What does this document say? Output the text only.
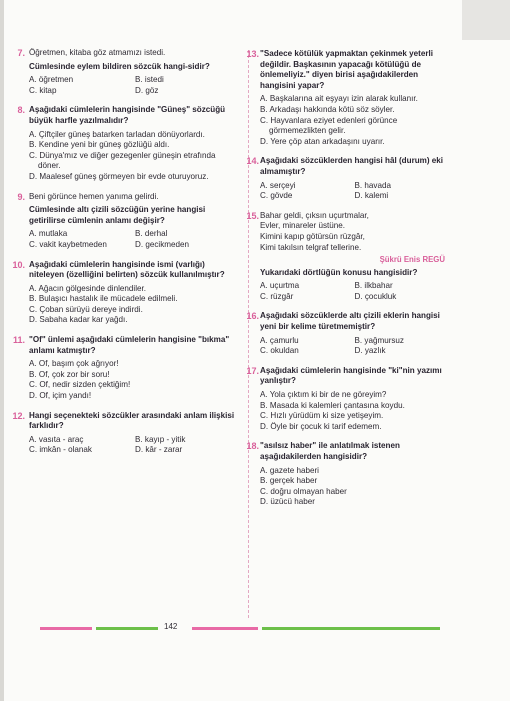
7. Öğretmen, kitaba göz atmamızı istedi.
Cümlesinde eylem bildiren sözcük hangi-sidir?
A. öğretmen	B. istedi
C. kitap	D. göz
8. Aşağıdaki cümlelerin hangisinde "Güneş" sözcüğü büyük harfle yazılmalıdır?
A. Çiftçiler güneş batarken tarladan dönüyorlardı.
B. Kendine yeni bir güneş gözlüğü aldı.
C. Dünya'mız ve diğer gezegenler güneşin etrafında döner.
D. Maalesef güneş görmeyen bir evde oturuyoruz.
9. Beni görünce hemen yanıma gelirdi.
Cümlesinde altı çizili sözcüğün yerine hangisi getirilirse cümlenin anlamı değişir?
A. mutlaka	B. derhal
C. vakit kaybetmeden	D. gecikmeden
10. Aşağıdaki cümlelerin hangisinde ismi (varlığı) niteleyen (özelliğini belirten) sözcük kullanılmıştır?
A. Ağacın gölgesinde dinlendiler.
B. Bulaşıcı hastalık ile mücadele edilmeli.
C. Çoban sürüyü dereye indirdi.
D. Sabaha kadar kar yağdı.
11. "Of" ünlemi aşağıdaki cümlelerin hangisine "bıkma" anlamı katmıştır?
A. Of, başım çok ağrıyor!
B. Of, çok zor bir soru!
C. Of, nedir sizden çektiğim!
D. Of, içim yandı!
12. Hangi seçenekteki sözcükler arasındaki anlam ilişkisi farklıdır?
A. vasıta - araç	B. kayıp - yitik
C. imkân - olanak	D. kâr - zarar
13. "Sadece kötülük yapmaktan çekinmek yeterli değildir. Başkasının yapacağı kötülüğü de önlemeliyiz." diyen birisi aşağıdakilerden hangisini yapar?
A. Başkalarına ait eşyayı izin alarak kullanır.
B. Arkadaşı hakkında kötü söz söyler.
C. Hayvanlara eziyet edenleri görünce görmemezlikten gelir.
D. Yere çöp atan arkadaşını uyarır.
14. Aşağıdaki sözcüklerden hangisi hâl (durum) eki almamıştır?
A. serçeyi	B. havada
C. gövde	D. kalemi
15. Bahar geldi, çıksın uçurtmalar,
Evler, minareler üstüne.
Kimini kapıp götürsün rüzgâr,
Kimi takılsın telgraf tellerine.
Şükrü Enis REGÜ
Yukarıdaki dörtlüğün konusu hangisidir?
A. uçurtma	B. ilkbahar
C. rüzgâr	D. çocukluk
16. Aşağıdaki sözcüklerde altı çizili eklerin hangisi yeni bir kelime türetmemiştir?
A. çamurlu	B. yağmursuz
C. okuldan	D. yazlık
17. Aşağıdaki cümlelerin hangisinde "ki"nin yazımı yanlıştır?
A. Yola çıktım ki bir de ne göreyim?
B. Masada ki kalemleri çantasına koydu.
C. Hızlı yürüdüm ki size yetişeyim.
D. Öyle bir çocuk ki tarif edemem.
18. "asılsız haber" ile anlatılmak istenen aşağıdakilerden hangisidir?
A. gazete haberi
B. gerçek haber
C. doğru olmayan haber
D. üzücü haber
142
